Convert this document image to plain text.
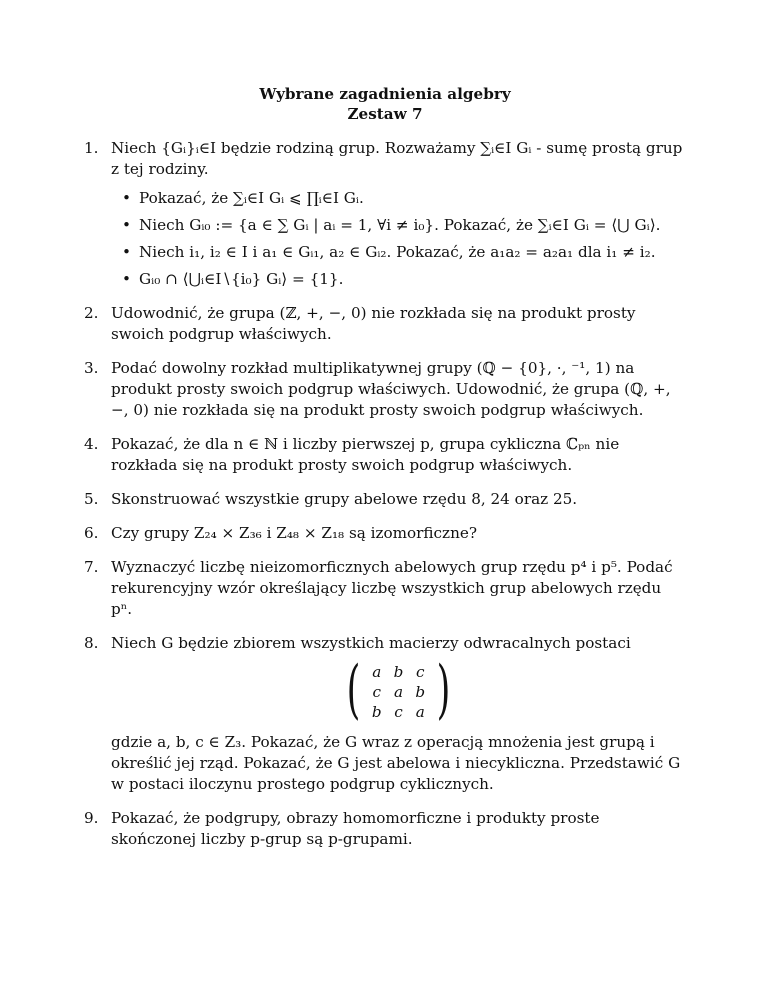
Wybrane zagadnienia algebry
Zestaw 7
1. Niech {Gᵢ}ᵢ∈I będzie rodziną grup. Rozważamy ∑ᵢ∈I Gᵢ - sumę prostą grup z tej rodziny.
• Pokazać, że ∑ᵢ∈I Gᵢ ⩽ ∏ᵢ∈I Gᵢ.
• Niech Gᵢ₀ := {a ∈ ∑ Gᵢ | aᵢ = 1, ∀i ≠ i₀}. Pokazać, że ∑ᵢ∈I Gᵢ = ⟨⋃ Gᵢ⟩.
• Niech i₁, i₂ ∈ I i a₁ ∈ Gᵢ₁, a₂ ∈ Gᵢ₂. Pokazać, że a₁a₂ = a₂a₁ dla i₁ ≠ i₂.
• Gᵢ₀ ∩ ⟨⋃ᵢ∈I∖{i₀} Gᵢ⟩ = {1}.
2. Udowodnić, że grupa (ℤ, +, −, 0) nie rozkłada się na produkt prosty swoich podgrup właściwych.
3. Podać dowolny rozkład multiplikatywnej grupy (ℚ − {0}, ·, ⁻¹, 1) na produkt prosty swoich podgrup właściwych. Udowodnić, że grupa (ℚ, +, −, 0) nie rozkłada się na produkt prosty swoich podgrup właściwych.
4. Pokazać, że dla n ∈ ℕ i liczby pierwszej p, grupa cykliczna ℂₚₙ nie rozkłada się na produkt prosty swoich podgrup właściwych.
5. Skonstruować wszystkie grupy abelowe rzędu 8, 24 oraz 25.
6. Czy grupy Z₂₄ × Z₃₆ i Z₄₈ × Z₁₈ są izomorficzne?
7. Wyznaczyć liczbę nieizomorficznych abelowych grup rzędu p⁴ i p⁵. Podać rekurencyjny wzór określający liczbę wszystkich grup abelowych rzędu pⁿ.
8. Niech G będzie zbiorem wszystkich macierzy odwracalnych postaci
( a	b	c
c	a	b
b	c	a )
gdzie a, b, c ∈ Z₃. Pokazać, że G wraz z operacją mnożenia jest grupą i określić jej rząd. Pokazać, że G jest abelowa i niecykliczna. Przedstawić G w postaci iloczynu prostego podgrup cyklicznych.
9. Pokazać, że podgrupy, obrazy homomorficzne i produkty proste skończonej liczby p-grup są p-grupami.
